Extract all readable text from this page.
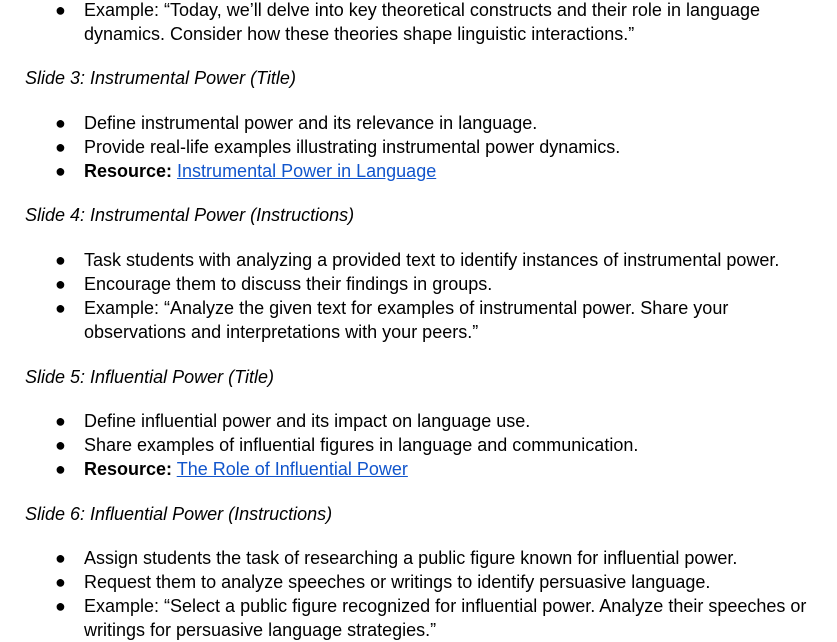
●	Example: “Today, we’ll delve into key theoretical constructs and their role in language dynamics. Consider how these theories shape linguistic interactions.”
Slide 3: Instrumental Power (Title)
●	Define instrumental power and its relevance in language.
●	Provide real-life examples illustrating instrumental power dynamics.
●	Resource: Instrumental Power in Language
Slide 4: Instrumental Power (Instructions)
●	Task students with analyzing a provided text to identify instances of instrumental power.
●	Encourage them to discuss their findings in groups.
●	Example: “Analyze the given text for examples of instrumental power. Share your observations and interpretations with your peers.”
Slide 5: Influential Power (Title)
●	Define influential power and its impact on language use.
●	Share examples of influential figures in language and communication.
●	Resource: The Role of Influential Power
Slide 6: Influential Power (Instructions)
●	Assign students the task of researching a public figure known for influential power.
●	Request them to analyze speeches or writings to identify persuasive language.
●	Example: “Select a public figure recognized for influential power. Analyze their speeches or writings for persuasive language strategies.”
